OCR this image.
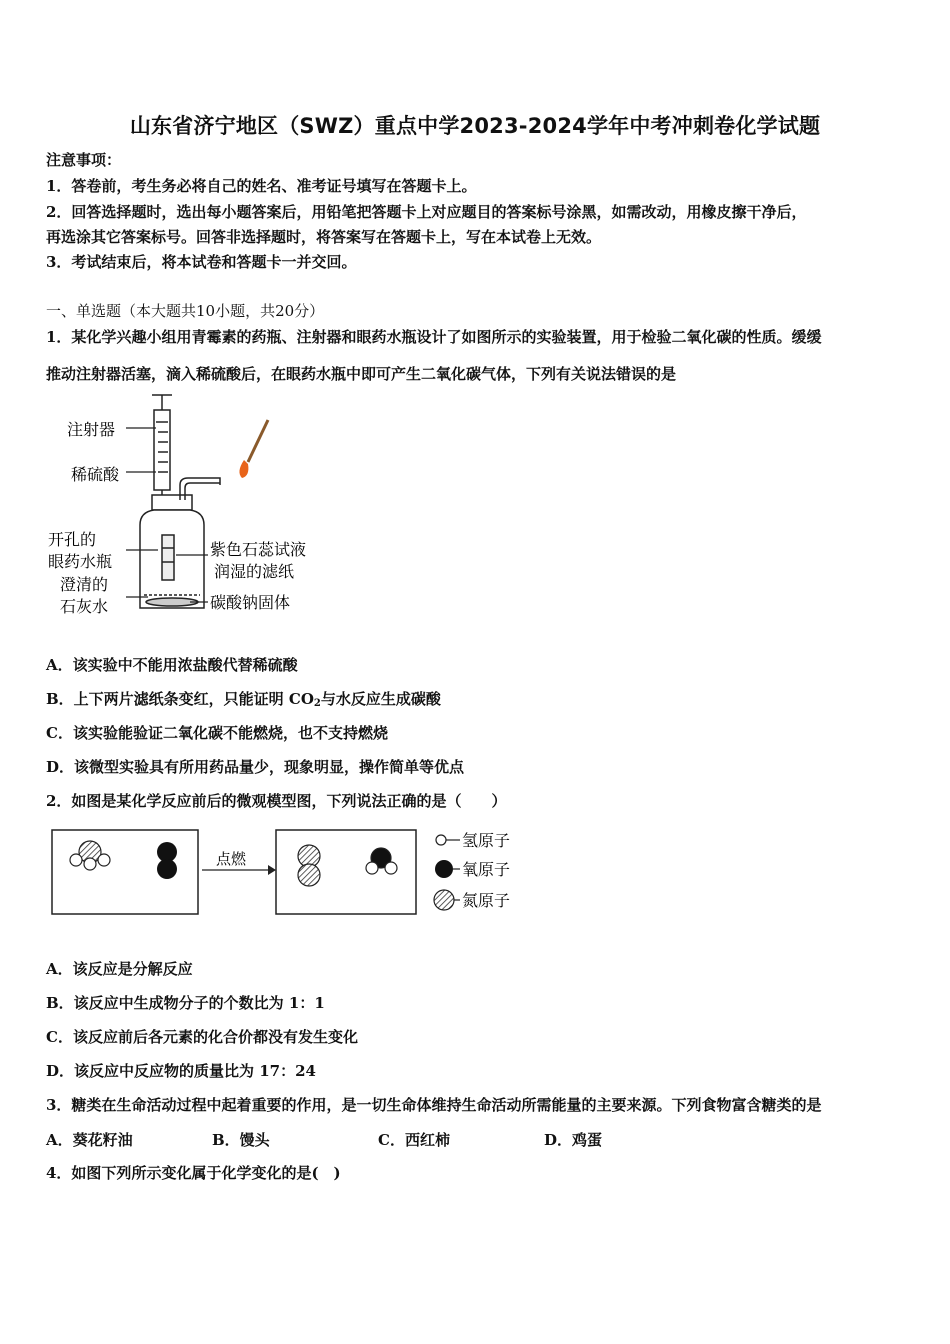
山东省济宁地区（SWZ）重点中学2023-2024学年中考冲刺卷化学试题
注意事项：
1．答卷前，考生务必将自己的姓名、准考证号填写在答题卡上。
2．回答选择题时，选出每小题答案后，用铅笔把答题卡上对应题目的答案标号涂黑，如需改动，用橡皮擦干净后，
再选涂其它答案标号。回答非选择题时，将答案写在答题卡上，写在本试卷上无效。
3．考试结束后，将本试卷和答题卡一并交回。
一、单选题（本大题共10小题，共20分）
1．某化学兴趣小组用青霉素的药瓶、注射器和眼药水瓶设计了如图所示的实验装置，用于检验二氧化碳的性质。缓缓
推动注射器活塞，滴入稀硫酸后，在眼药水瓶中即可产生二氧化碳气体，下列有关说法错误的是
注射器
稀硫酸
开孔的
眼药水瓶
澄清的
石灰水
紫色石蕊试液
润湿的滤纸
碳酸钠固体
A．该实验中不能用浓盐酸代替稀硫酸
B．上下两片滤纸条变红，只能证明 $CO_2$与水反应生成碳酸
C．该实验能验证二氧化碳不能燃烧，也不支持燃烧
D．该微型实验具有所用药品量少，现象明显，操作简单等优点
2．如图是某化学反应前后的微观模型图，下列说法正确的是（　　）
点燃
氢原子
氧原子
氮原子
A．该反应是分解反应
B．该反应中生成物分子的个数比为 1：1
C．该反应前后各元素的化合价都没有发生变化
D．该反应中反应物的质量比为 17：24
3．糖类在生命活动过程中起着重要的作用，是一切生命体维持生命活动所需能量的主要来源。下列食物富含糖类的是
A．葵花籽油	B．馒头	C．西红柿	D．鸡蛋
4．如图下列所示变化属于化学变化的是(　)
